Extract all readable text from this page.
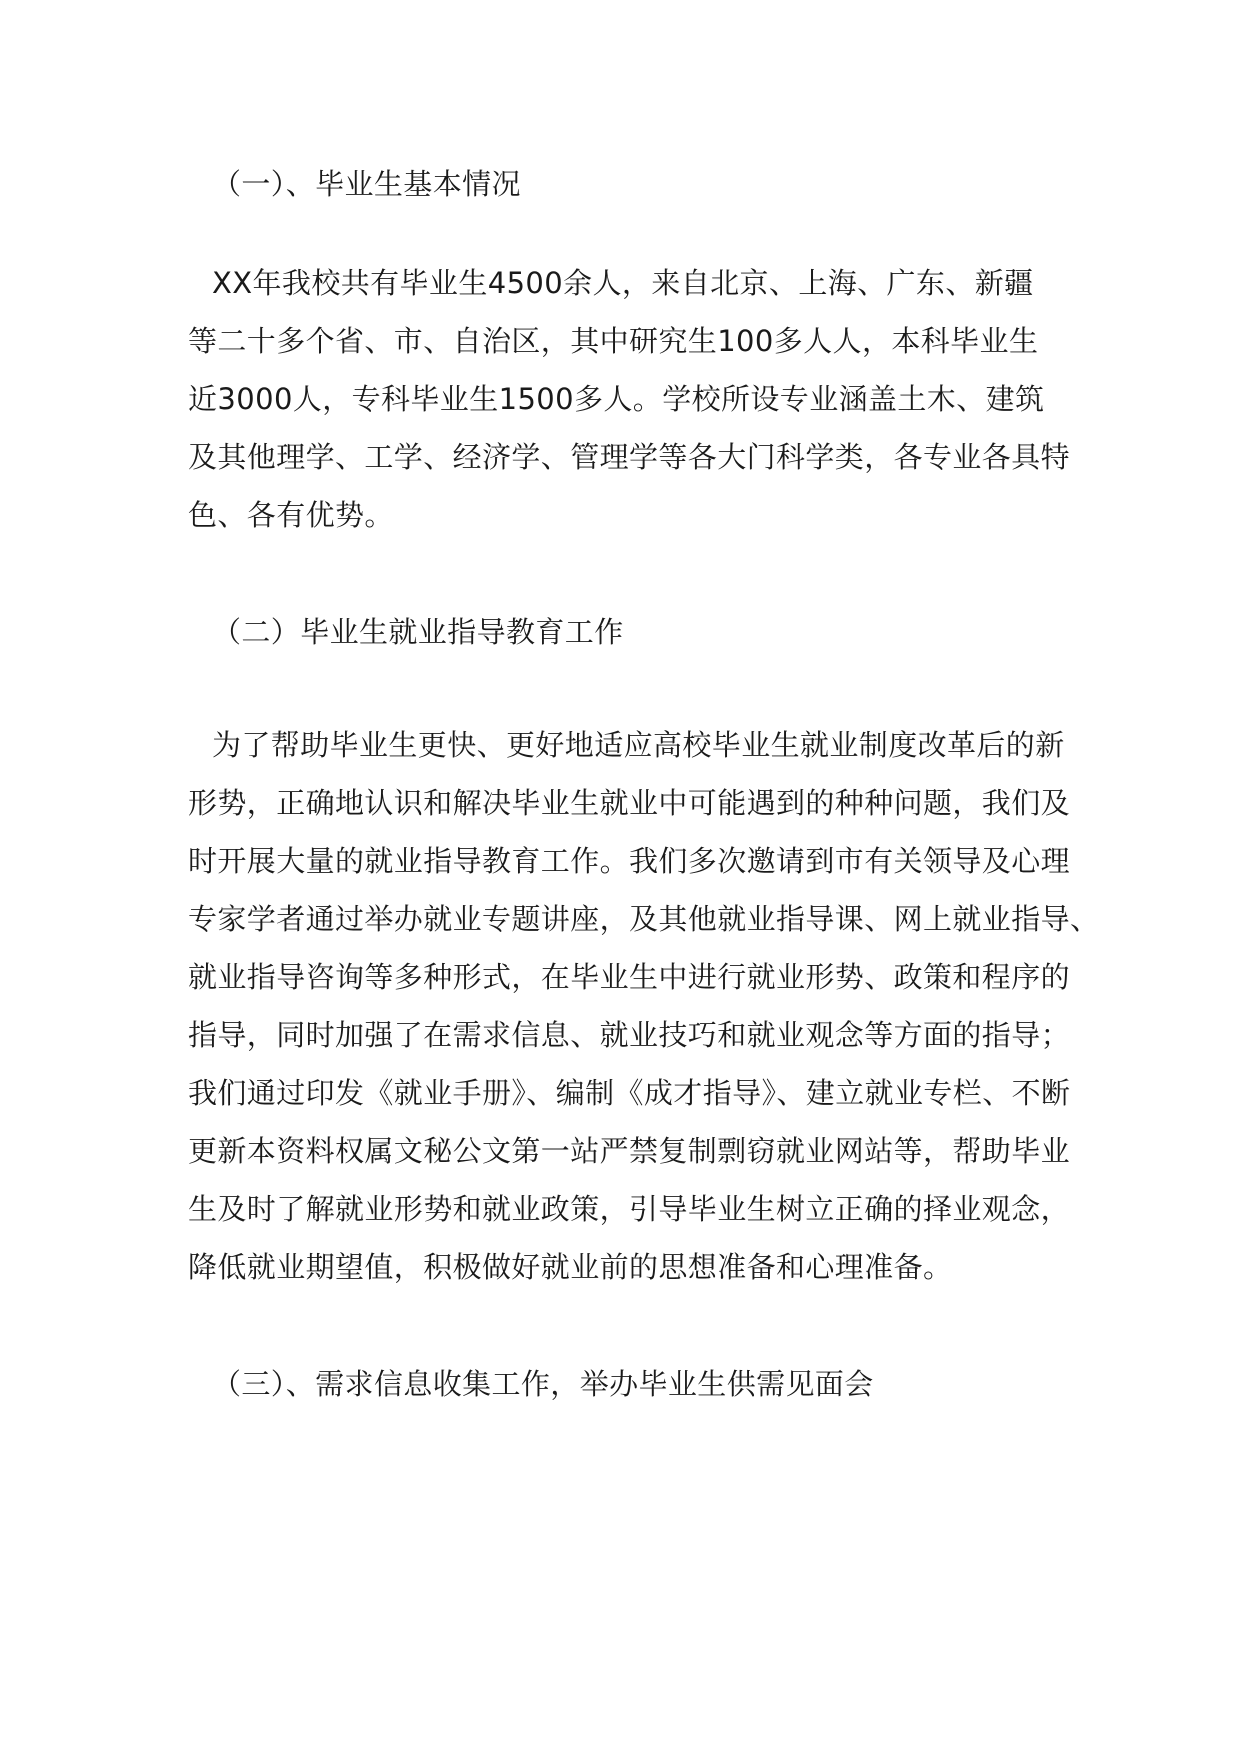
（一）、毕业生基本情况
XX年我校共有毕业生4500余人，来自北京、上海、广东、新疆
等二十多个省、市、自治区，其中研究生100多人人，本科毕业生
近3000人，专科毕业生1500多人。学校所设专业涵盖土木、建筑
及其他理学、工学、经济学、管理学等各大门科学类，各专业各具特
色、各有优势。
（二）毕业生就业指导教育工作
为了帮助毕业生更快、更好地适应高校毕业生就业制度改革后的新
形势，正确地认识和解决毕业生就业中可能遇到的种种问题，我们及
时开展大量的就业指导教育工作。我们多次邀请到市有关领导及心理
专家学者通过举办就业专题讲座，及其他就业指导课、网上就业指导、
就业指导咨询等多种形式，在毕业生中进行就业形势、政策和程序的
指导，同时加强了在需求信息、就业技巧和就业观念等方面的指导；
我们通过印发《就业手册》、编制《成才指导》、建立就业专栏、不断
更新本资料权属文秘公文第一站严禁复制剽窃就业网站等，帮助毕业
生及时了解就业形势和就业政策，引导毕业生树立正确的择业观念，
降低就业期望值，积极做好就业前的思想准备和心理准备。
（三）、需求信息收集工作，举办毕业生供需见面会
